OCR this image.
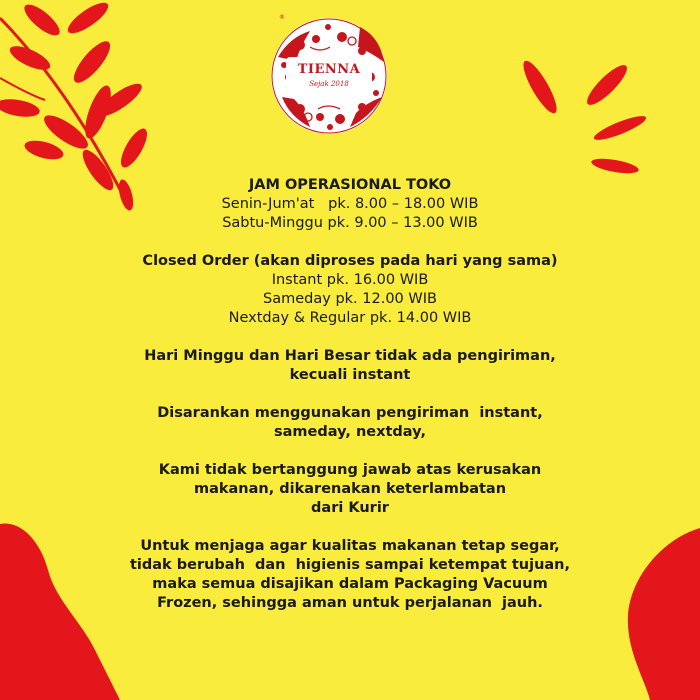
®
TIENNA
Sejak 2018
JAM OPERASIONAL TOKO
Senin-Jum'at   pk. 8.00 – 18.00 WIB
Sabtu-Minggu pk. 9.00 – 13.00 WIB
Closed Order (akan diproses pada hari yang sama)
Instant pk. 16.00 WIB
Sameday pk. 12.00 WIB
Nextday & Regular pk. 14.00 WIB
Hari Minggu dan Hari Besar tidak ada pengiriman,
kecuali instant
Disarankan menggunakan pengiriman  instant,
sameday, nextday,
Kami tidak bertanggung jawab atas kerusakan
makanan, dikarenakan keterlambatan
dari Kurir
Untuk menjaga agar kualitas makanan tetap segar,
tidak berubah  dan  higienis sampai ketempat tujuan,
maka semua disajikan dalam Packaging Vacuum
Frozen, sehingga aman untuk perjalanan  jauh.
